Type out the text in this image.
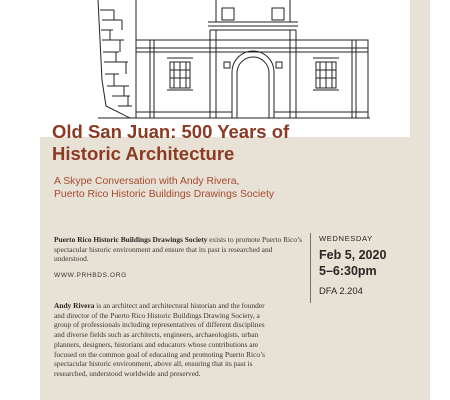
Old San Juan: 500 Years of
Historic Architecture

A Skype Conversation with Andy Rivera,
Puerto Rico Historic Buildings Drawings Society

Puerto Rico Historic Buildings Drawings Society exists to promote Puerto Rico’s spectacular historic environment and ensure that its past is researched and understood.

WWW.PRHBDS.ORG

Andy Rivera is an architect and architectural historian and the founder and director of the Puerto Rico Historic Buildings Drawing Society, a group of professionals including representatives of different disciplines and diverse fields such as architects, engineers, archaeologists, urban planners, designers, historians and educators whose contributions are focused on the common goal of educating and promoting Puerto Rico’s spectacular historic environment, above all, ensuring that its past is researched, understood worldwide and preserved.

WEDNESDAY
Feb 5, 2020
5–6:30pm
DFA 2.204
